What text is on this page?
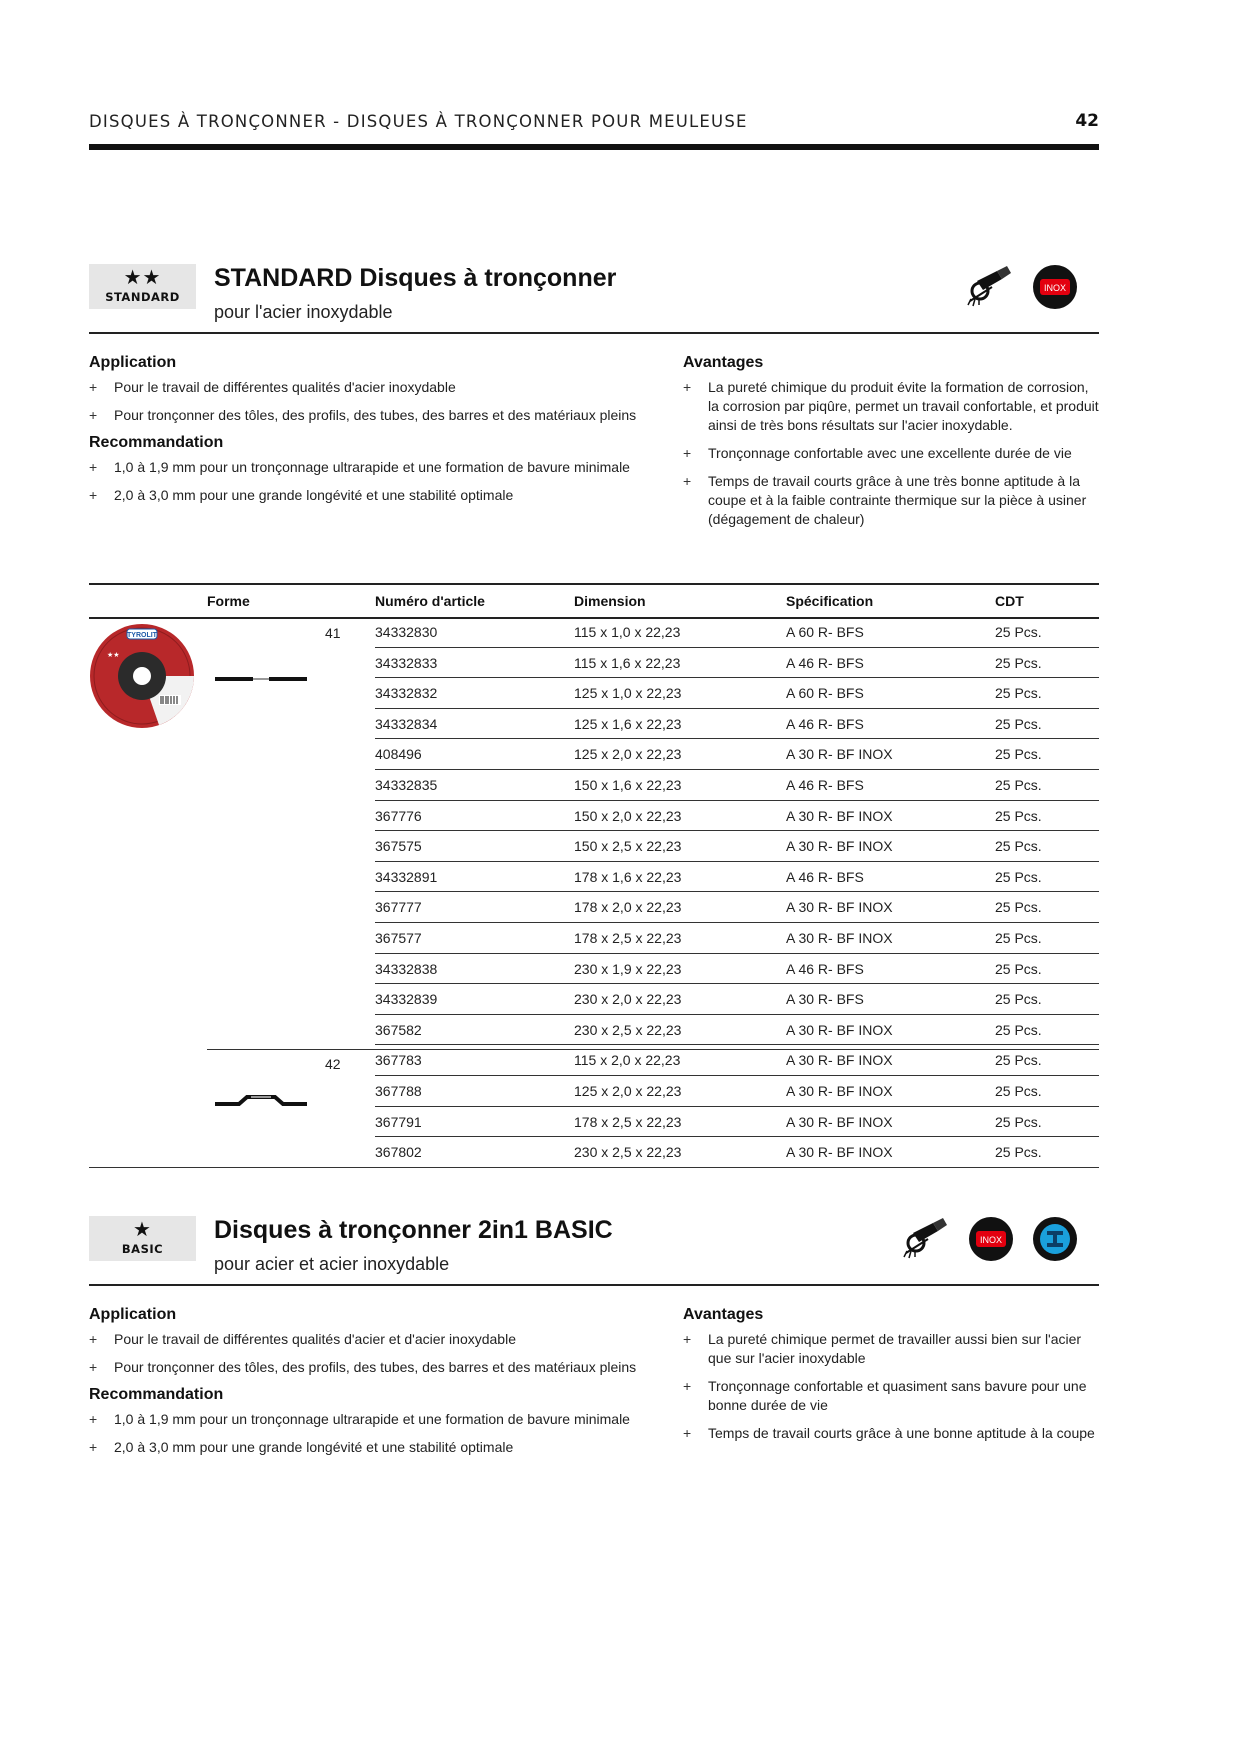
DISQUES À TRONÇONNER - DISQUES À TRONÇONNER POUR MEULEUSE	42
★★
STANDARD
STANDARD Disques à tronçonner
pour l'acier inoxydable
INOX
Application
+ Pour le travail de différentes qualités d'acier inoxydable
+ Pour tronçonner des tôles, des profils, des tubes, des barres et des matériaux pleins
Recommandation
+ 1,0 à 1,9 mm pour un tronçonnage ultrarapide et une formation de bavure minimale
+ 2,0 à 3,0 mm pour une grande longévité et une stabilité optimale
Avantages
+ La pureté chimique du produit évite la formation de corrosion, la corrosion par piqûre, permet un travail confortable, et produit ainsi de très bons résultats sur l'acier inoxydable.
+ Tronçonnage confortable avec une excellente durée de vie
+ Temps de travail courts grâce à une très bonne aptitude à la coupe et à la faible contrainte thermique sur la pièce à usiner (dégagement de chaleur)
Forme	Numéro d'article	Dimension	Spécification	CDT
TYROLIT
★★
41
42
34332830	115 x 1,0 x 22,23	A 60 R- BFS	25 Pcs.
34332833	115 x 1,6 x 22,23	A 46 R- BFS	25 Pcs.
34332832	125 x 1,0 x 22,23	A 60 R- BFS	25 Pcs.
34332834	125 x 1,6 x 22,23	A 46 R- BFS	25 Pcs.
408496	125 x 2,0 x 22,23	A 30 R- BF INOX	25 Pcs.
34332835	150 x 1,6 x 22,23	A 46 R- BFS	25 Pcs.
367776	150 x 2,0 x 22,23	A 30 R- BF INOX	25 Pcs.
367575	150 x 2,5 x 22,23	A 30 R- BF INOX	25 Pcs.
34332891	178 x 1,6 x 22,23	A 46 R- BFS	25 Pcs.
367777	178 x 2,0 x 22,23	A 30 R- BF INOX	25 Pcs.
367577	178 x 2,5 x 22,23	A 30 R- BF INOX	25 Pcs.
34332838	230 x 1,9 x 22,23	A 46 R- BFS	25 Pcs.
34332839	230 x 2,0 x 22,23	A 30 R- BFS	25 Pcs.
367582	230 x 2,5 x 22,23	A 30 R- BF INOX	25 Pcs.
367783	115 x 2,0 x 22,23	A 30 R- BF INOX	25 Pcs.
367788	125 x 2,0 x 22,23	A 30 R- BF INOX	25 Pcs.
367791	178 x 2,5 x 22,23	A 30 R- BF INOX	25 Pcs.
367802	230 x 2,5 x 22,23	A 30 R- BF INOX	25 Pcs.
★
BASIC
Disques à tronçonner 2in1 BASIC
pour acier et acier inoxydable
INOX
Application
+ Pour le travail de différentes qualités d'acier et d'acier inoxydable
+ Pour tronçonner des tôles, des profils, des tubes, des barres et des matériaux pleins
Recommandation
+ 1,0 à 1,9 mm pour un tronçonnage ultrarapide et une formation de bavure minimale
+ 2,0 à 3,0 mm pour une grande longévité et une stabilité optimale
Avantages
+ La pureté chimique permet de travailler aussi bien sur l'acier que sur l'acier inoxydable
+ Tronçonnage confortable et quasiment sans bavure pour une bonne durée de vie
+ Temps de travail courts grâce à une bonne aptitude à la coupe
